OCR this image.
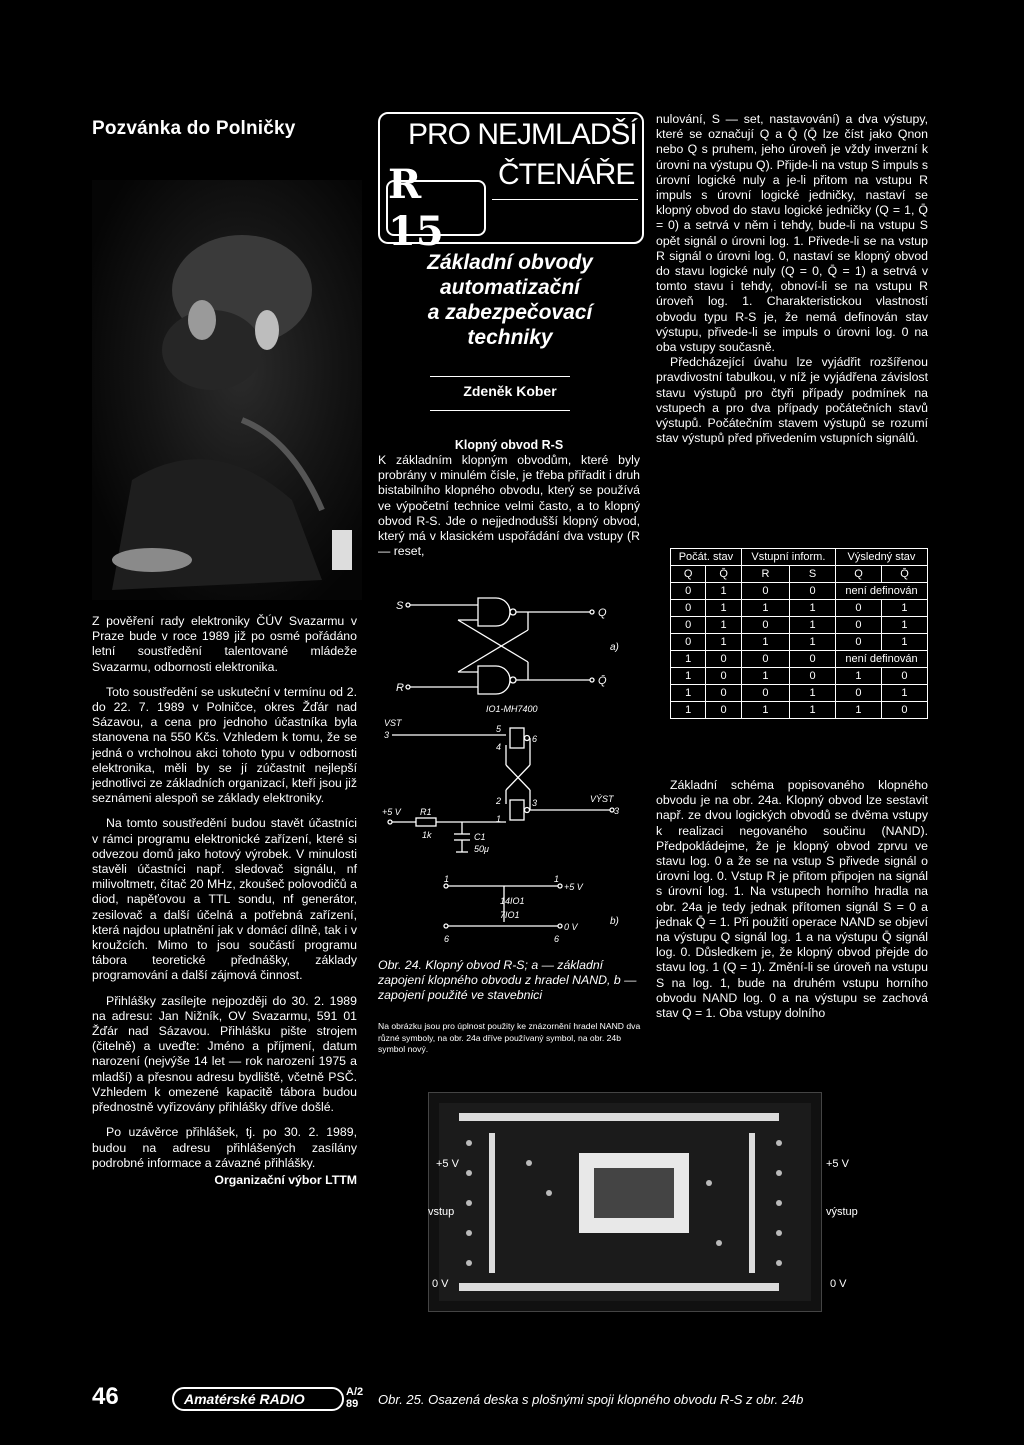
Pozvánka do Polničky

Z pověření rady elektroniky ČÚV Svazarmu v Praze bude v roce 1989 již po osmé pořádáno letní soustředění talentované mládeže Svazarmu, odbornosti elektronika.

Toto soustředění se uskuteční v termínu od 2. do 22. 7. 1989 v Polničce, okres Žďár nad Sázavou, a cena pro jednoho účastníka byla stanovena na 550 Kčs. Vzhledem k tomu, že se jedná o vrcholnou akci tohoto typu v odbornosti elektronika, měli by se jí zúčastnit nejlepší jednotlivci ze základních organizací, kteří jsou již seznámeni alespoň se základy elektroniky.

Na tomto soustředění budou stavět účastníci v rámci programu elektronické zařízení, které si odvezou domů jako hotový výrobek. V minulosti stavěli účastníci např. sledovač signálu, nf milivoltmetr, čítač 20 MHz, zkoušeč polovodičů a diod, napěťovou a TTL sondu, nf generátor, zesilovač a další účelná a potřebná zařízení, která najdou uplatnění jak v domácí dílně, tak i v kroužcích. Mimo to jsou součástí programu tábora teoretické přednášky, základy programování a další zájmová činnost.

Přihlášky zasílejte nejpozději do 30. 2. 1989 na adresu: Jan Nižník, OV Svazarmu, 591 01 Žďár nad Sázavou. Přihlášku pište strojem (čitelně) a uveďte: Jméno a příjmení, datum narození (nejvýše 14 let — rok narození 1975 a mladší) a přesnou adresu bydliště, včetně PSČ. Vzhledem k omezené kapacitě tábora budou přednostně vyřizovány přihlášky dříve došlé.

Po uzávěrce přihlášek, tj. po 30. 2. 1989, budou na adresu přihlášených zasílány podrobné informace a závazné přihlášky.

Organizační výbor LTTM
PRO NEJMLADŠÍ
ČTENÁŘE
R 15
Základní obvody
automatizační
a zabezpečovací
techniky
Zdeněk Kober
Klopný obvod R-S
K základním klopným obvodům, které byly probrány v minulém čísle, je třeba přiřadit i druh bistabilního klopného obvodu, který se používá ve výpočetní technice velmi často, a to klopný obvod R-S. Jde o nejjednodušší klopný obvod, který má v klasickém uspořádání dva vstupy (R — reset,
S
R
Q
Q̄
a)
IO1-MH7400
VST
3
5
4
6
2
1
3	VÝST
3
+5 V R1
1k	C1
50μ
1	1
+5 V
14IO1
7IO1
0 V	b)
6	6
Obr. 24. Klopný obvod R-S; a — základní zapojení klopného obvodu z hradel NAND, b — zapojení použité ve stavebnici
Na obrázku jsou pro úplnost použity ke znázornění hradel NAND dva různé symboly, na obr. 24a dříve používaný symbol, na obr. 24b symbol nový.

nulování, S — set, nastavování) a dva výstupy, které se označují Q a Q̄ (Q̄ lze číst jako Qnon nebo Q s pruhem, jeho úroveň je vždy inverzní k úrovni na výstupu Q). Přijde-li na vstup S impuls s úrovní logické nuly a je-li přitom na vstupu R impuls s úrovní logické jedničky, nastaví se klopný obvod do stavu logické jedničky (Q = 1, Q̄ = 0) a setrvá v něm i tehdy, bude-li na vstupu S opět signál o úrovni log. 1. Přivede-li se na vstup R signál o úrovni log. 0, nastaví se klopný obvod do stavu logické nuly (Q = 0, Q̄ = 1) a setrvá v tomto stavu i tehdy, obnoví-li se na vstupu R úroveň log. 1. Charakteristickou vlastností obvodu typu R-S je, že nemá definován stav výstupu, přivede-li se impuls o úrovni log. 0 na oba vstupy současně.

Předcházející úvahu lze vyjádřit rozšířenou pravdivostní tabulkou, v níž je vyjádřena závislost stavu výstupů pro čtyři případy podmínek na vstupech a pro dva případy počátečních stavů výstupů. Počátečním stavem výstupů se rozumí stav výstupů před přivedením vstupních signálů.

Počát. stav		Vstupní inform.		Výsledný stav	
Q	Q̄	R	S	Q	Q̄
0	1	0	0	není definován	
0	1	1	1	0	1
0	1	0	1	0	1
0	1	1	1	0	1
1	0	0	0	není definován	
1	0	1	0	1	0
1	0	0	1	0	1
1	0	1	1	1	0

Základní schéma popisovaného klopného obvodu je na obr. 24a. Klopný obvod lze sestavit např. ze dvou logických obvodů se dvěma vstupy k realizaci negovaného součinu (NAND). Předpokládejme, že je klopný obvod zprvu ve stavu log. 0 a že se na vstup S přivede signál o úrovni log. 0. Vstup R je přitom připojen na signál s úrovní log. 1. Na vstupech horního hradla na obr. 24a je tedy jednak přítomen signál S = 0 a jednak Q̄ = 1. Při použití operace NAND se objeví na výstupu Q signál log. 1 a na výstupu Q̄ signál log. 0. Důsledkem je, že klopný obvod přejde do stavu log. 1 (Q = 1). Změní-li se úroveň na vstupu S na log. 1, bude na druhém vstupu horního obvodu NAND log. 0 a na výstupu se zachová stav Q = 1. Oba vstupy dolního

+5 V
vstup
0 V
+5 V
výstup
0 V
46	Amatérské RADIO	A/2 89	Obr. 25. Osazená deska s plošnými spoji klopného obvodu R-S z obr. 24b
